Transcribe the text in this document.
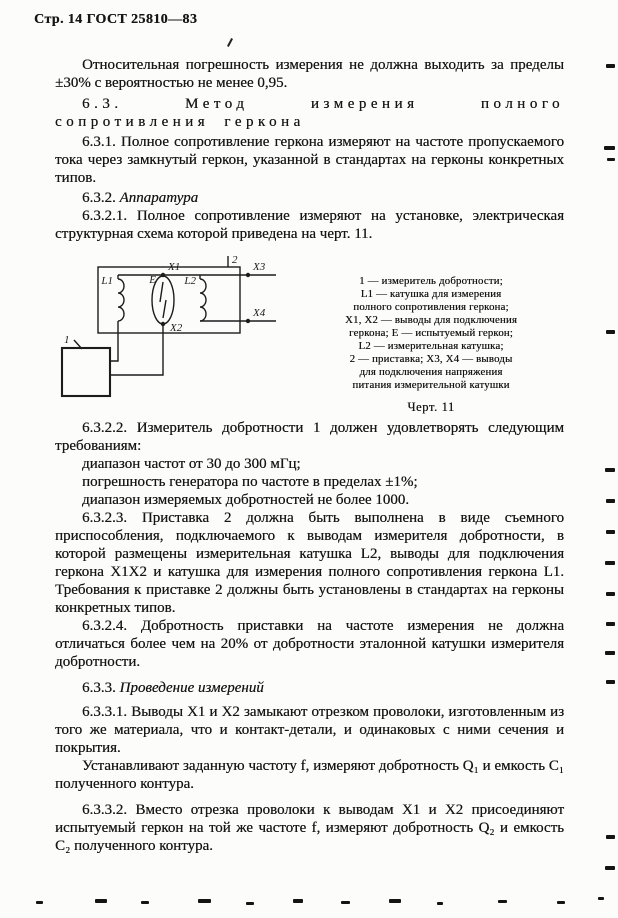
Стр. 14 ГОСТ 25810—83

Относительная погрешность измерения не должна выходить за пределы ±30% с вероятностью не менее 0,95.

6.3. Метод измерения полного сопротивления геркона

6.3.1. Полное сопротивление геркона измеряют на частоте пропускаемого тока через замкнутый геркон, указанной в стандартах на герконы конкретных типов.

6.3.2. Аппаратура

6.3.2.1. Полное сопротивление измеряют на установке, электрическая структурная схема которой приведена на черт. 11.

1
2
L1	E	L2
X1
X2
X3
X4
1 — измеритель добротности;
L1 — катушка для измерения
полного сопротивления геркона;
X1, X2 — выводы для подключения
геркона; E — испытуемый геркон;
L2 — измерительная катушка;
2 — приставка; X3, X4 — выводы
для подключения напряжения
питания измерительной катушки
Черт. 11

6.3.2.2. Измеритель добротности 1 должен удовлетворять следующим требованиям:

диапазон частот от 30 до 300 мГц;

погрешность генератора по частоте в пределах ±1%;

диапазон измеряемых добротностей не более 1000.

6.3.2.3. Приставка 2 должна быть выполнена в виде съемного приспособления, подключаемого к выводам измерителя добротности, в которой размещены измерительная катушка L2, выводы для подключения геркона X1X2 и катушка для измерения полного сопротивления геркона L1. Требования к приставке 2 должны быть установлены в стандартах на герконы конкретных типов.

6.3.2.4. Добротность приставки на частоте измерения не должна отличаться более чем на 20% от добротности эталонной катушки измерителя добротности.

6.3.3. Проведение измерений

6.3.3.1. Выводы X1 и X2 замыкают отрезком проволоки, изготовленным из того же материала, что и контакт-детали, и одинаковых с ними сечения и покрытия.

Устанавливают заданную частоту f, измеряют добротность Q₁ и емкость C₁ полученного контура.

6.3.3.2. Вместо отрезка проволоки к выводам X1 и X2 присоединяют испытуемый геркон на той же частоте f, измеряют добротность Q₂ и емкость C₂ полученного контура.
